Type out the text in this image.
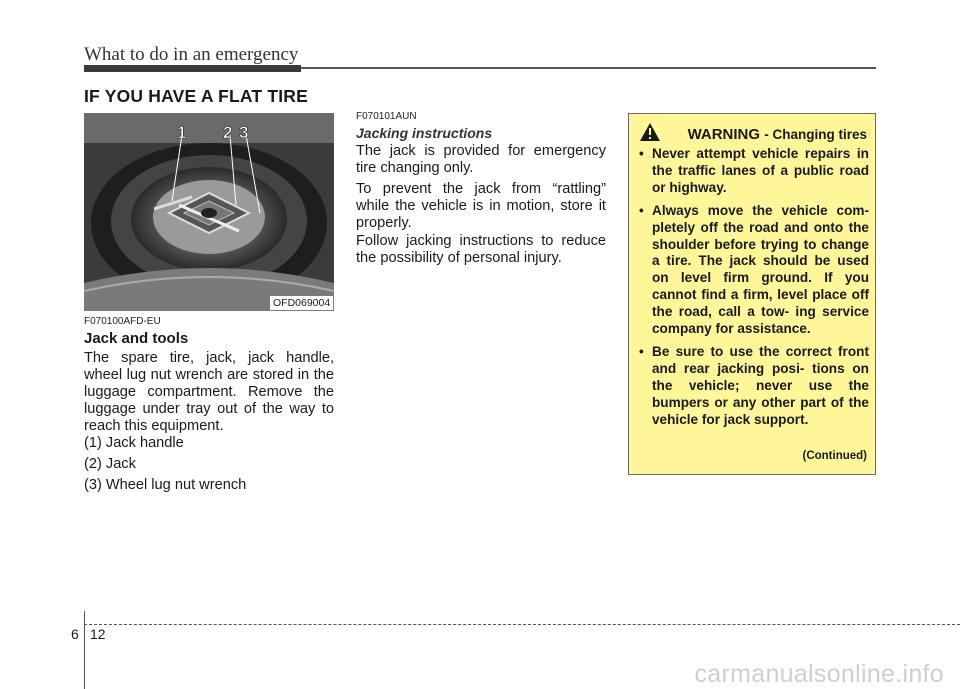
What to do in an emergency
IF YOU HAVE A FLAT TIRE
1 2 3
OFD069004
F070100AFD-EU
Jack and tools
The spare tire, jack, jack handle, wheel lug nut wrench are stored in the luggage compartment. Remove the luggage under tray out of the way to reach this equipment.
(1) Jack handle
(2) Jack
(3) Wheel lug nut wrench
F070101AUN
Jacking instructions
The jack is provided for emergency tire changing only.
To prevent the jack from “rattling” while the vehicle is in motion, store it properly.
Follow jacking instructions to reduce the possibility of personal injury.
WARNING - Changing tires
• Never attempt vehicle repairs in the traffic lanes of a public road or highway.
• Always move the vehicle com- pletely off the road and onto the shoulder before trying to change a tire. The jack should be used on level firm ground. If you cannot find a firm, level place off the road, call a tow- ing service company for assistance.
• Be sure to use the correct front and rear jacking posi- tions on the vehicle; never use the bumpers or any other part of the vehicle for jack support.
(Continued)
6 12
carmanualsonline.info
